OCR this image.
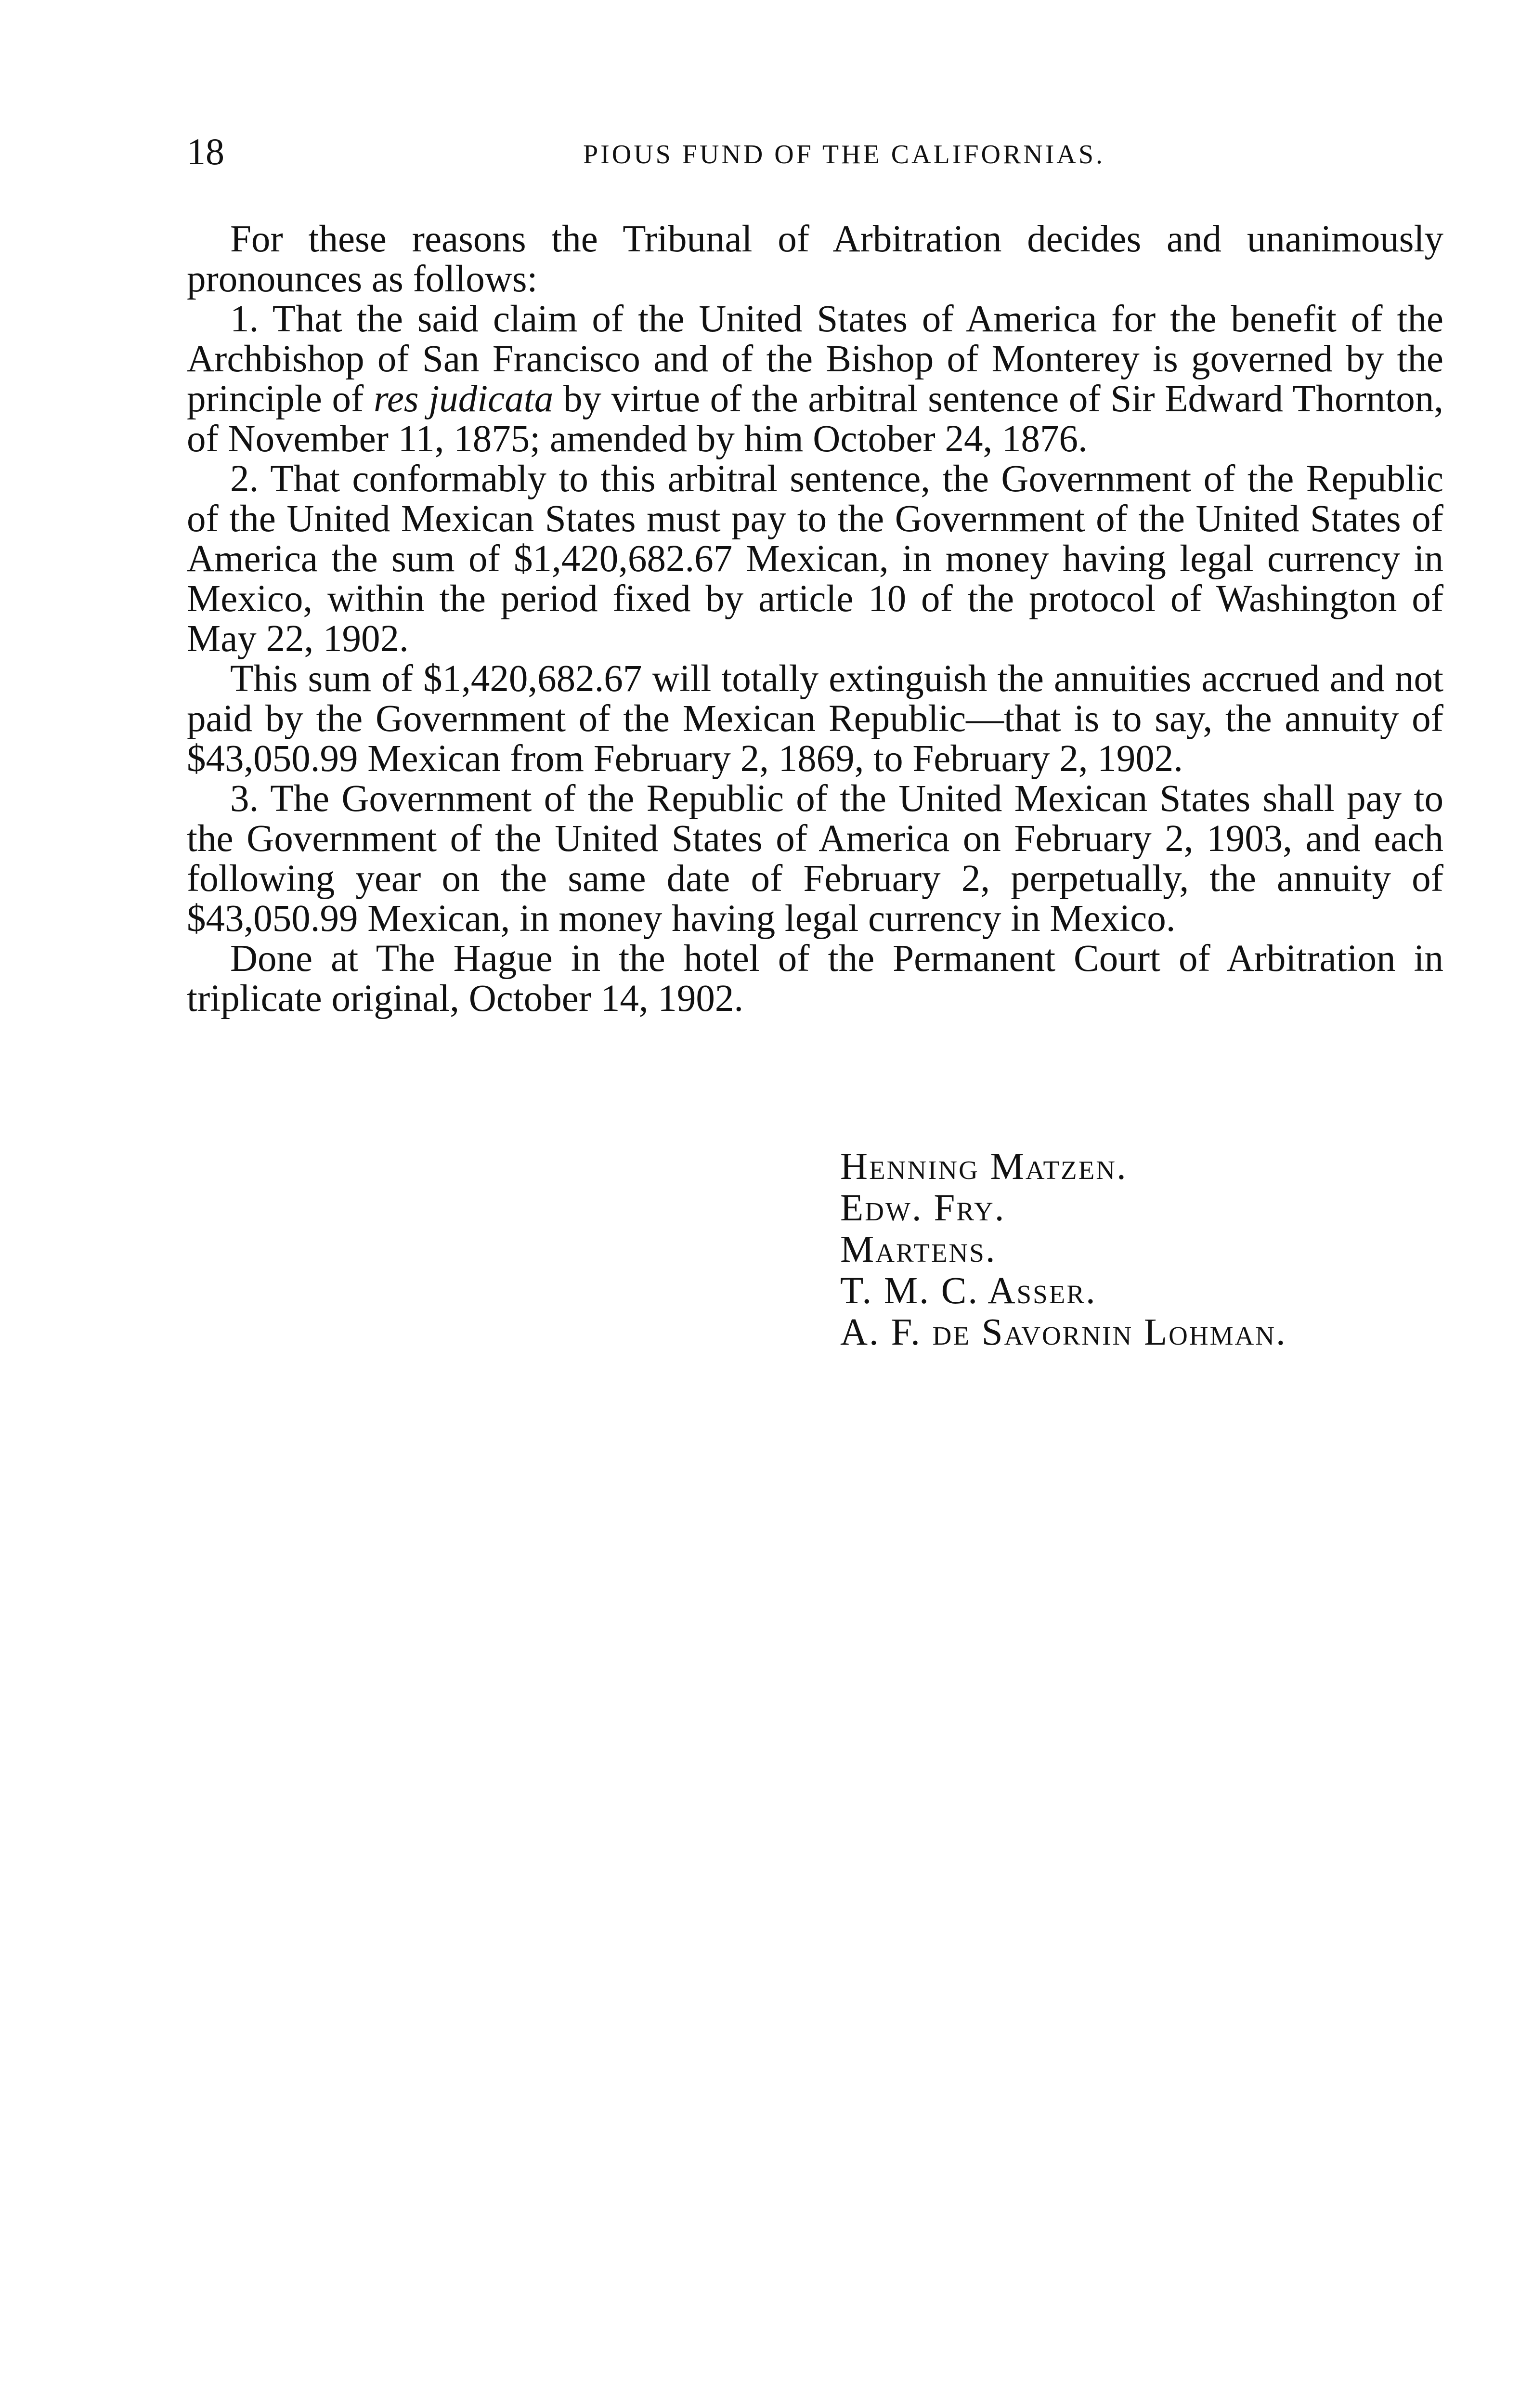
18	PIOUS FUND OF THE CALIFORNIAS.

For these reasons the Tribunal of Arbitration decides and unanimously pronounces as follows:

1. That the said claim of the United States of America for the benefit of the Archbishop of San Francisco and of the Bishop of Monterey is governed by the principle of res judicata by virtue of the arbitral sentence of Sir Edward Thornton, of November 11, 1875; amended by him October 24, 1876.

2. That conformably to this arbitral sentence, the Government of the Republic of the United Mexican States must pay to the Government of the United States of America the sum of $1,420,682.67 Mexican, in money having legal currency in Mexico, within the period fixed by article 10 of the protocol of Washington of May 22, 1902.

This sum of $1,420,682.67 will totally extinguish the annuities accrued and not paid by the Government of the Mexican Republic—that is to say, the annuity of $43,050.99 Mexican from February 2, 1869, to February 2, 1902.

3. The Government of the Republic of the United Mexican States shall pay to the Government of the United States of America on February 2, 1903, and each following year on the same date of February 2, perpetually, the annuity of $43,050.99 Mexican, in money having legal currency in Mexico.

Done at The Hague in the hotel of the Permanent Court of Arbitration in triplicate original, October 14, 1902.

Henning Matzen.
Edw. Fry.
Martens.
T. M. C. Asser.
A. F. de Savornin Lohman.
